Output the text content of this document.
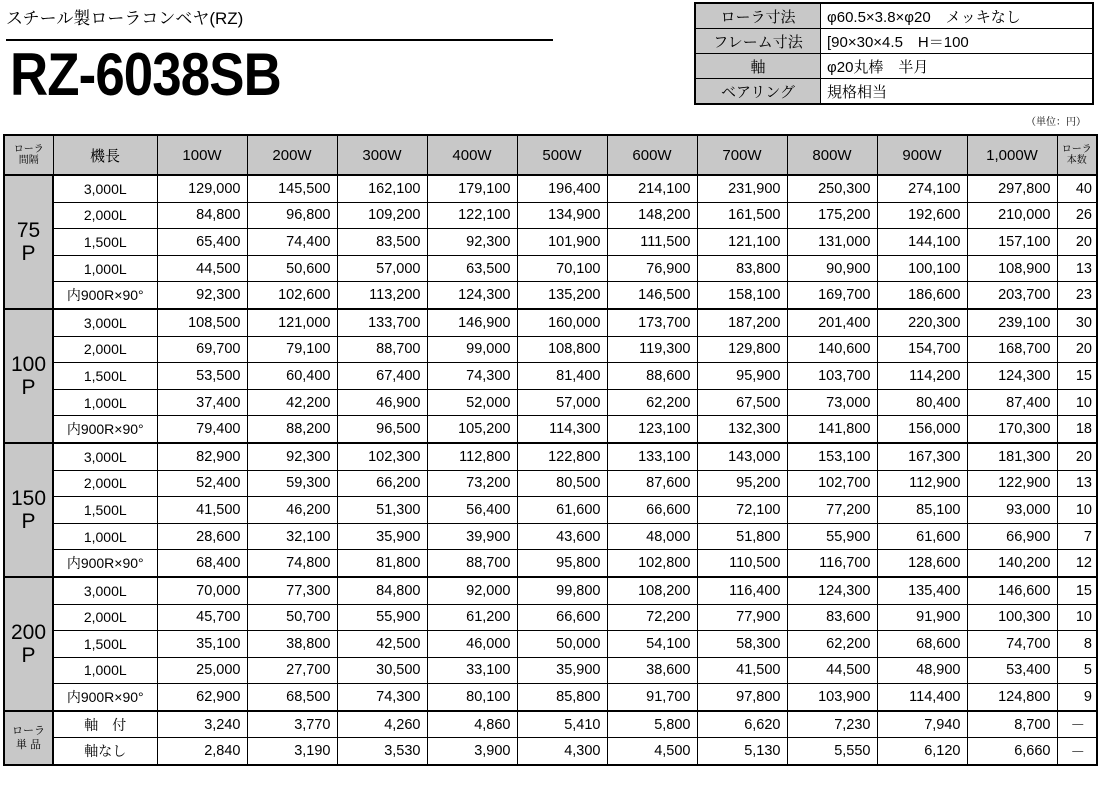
スチール製ローラコンベヤ(RZ)
RZ-6038SB
ローラ寸法	φ60.5×3.8×φ20　メッキなし
フレーム寸法	[90×30×4.5　H＝100
軸	φ20丸棒　半月
ベアリング	規格相当
（単位：円）
ローラ
間隔	機長	100W	200W	300W	400W	500W	600W	700W	800W	900W	1,000W	ローラ
本数

75
P	3,000L	129,000	145,500	162,100	179,100	196,400	214,100	231,900	250,300	274,100	297,800	40
	2,000L	84,800	96,800	109,200	122,100	134,900	148,200	161,500	175,200	192,600	210,000	26
	1,500L	65,400	74,400	83,500	92,300	101,900	111,500	121,100	131,000	144,100	157,100	20
	1,000L	44,500	50,600	57,000	63,500	70,100	76,900	83,800	90,900	100,100	108,900	13
	内900R×90°	92,300	102,600	113,200	124,300	135,200	146,500	158,100	169,700	186,600	203,700	23

100
P	3,000L	108,500	121,000	133,700	146,900	160,000	173,700	187,200	201,400	220,300	239,100	30
	2,000L	69,700	79,100	88,700	99,000	108,800	119,300	129,800	140,600	154,700	168,700	20
	1,500L	53,500	60,400	67,400	74,300	81,400	88,600	95,900	103,700	114,200	124,300	15
	1,000L	37,400	42,200	46,900	52,000	57,000	62,200	67,500	73,000	80,400	87,400	10
	内900R×90°	79,400	88,200	96,500	105,200	114,300	123,100	132,300	141,800	156,000	170,300	18

150
P	3,000L	82,900	92,300	102,300	112,800	122,800	133,100	143,000	153,100	167,300	181,300	20
	2,000L	52,400	59,300	66,200	73,200	80,500	87,600	95,200	102,700	112,900	122,900	13
	1,500L	41,500	46,200	51,300	56,400	61,600	66,600	72,100	77,200	85,100	93,000	10
	1,000L	28,600	32,100	35,900	39,900	43,600	48,000	51,800	55,900	61,600	66,900	7
	内900R×90°	68,400	74,800	81,800	88,700	95,800	102,800	110,500	116,700	128,600	140,200	12

200
P	3,000L	70,000	77,300	84,800	92,000	99,800	108,200	116,400	124,300	135,400	146,600	15
	2,000L	45,700	50,700	55,900	61,200	66,600	72,200	77,900	83,600	91,900	100,300	10
	1,500L	35,100	38,800	42,500	46,000	50,000	54,100	58,300	62,200	68,600	74,700	8
	1,000L	25,000	27,700	30,500	33,100	35,900	38,600	41,500	44,500	48,900	53,400	5
	内900R×90°	62,900	68,500	74,300	80,100	85,800	91,700	97,800	103,900	114,400	124,800	9
ローラ
単 品	軸　付	3,240	3,770	4,260	4,860	5,410	5,800	6,620	7,230	7,940	8,700	－
	軸なし	2,840	3,190	3,530	3,900	4,300	4,500	5,130	5,550	6,120	6,660	－
